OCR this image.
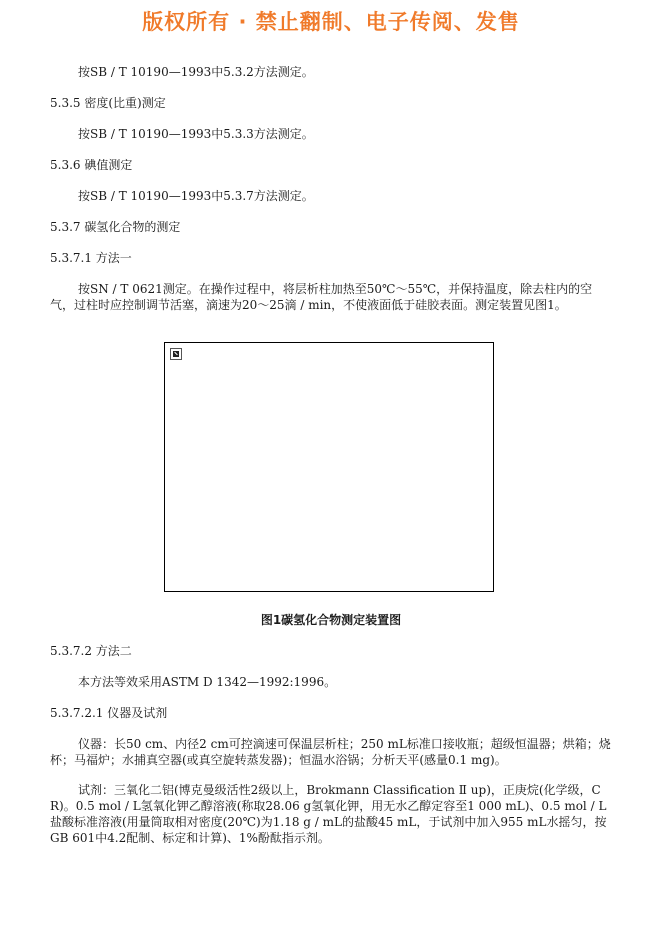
版权所有 · 禁止翻制、电子传阅、发售
按SB / T 10190—1993中5.3.2方法测定。
5.3.5 密度(比重)测定
按SB / T 10190—1993中5.3.3方法测定。
5.3.6 碘值测定
按SB / T 10190—1993中5.3.7方法测定。
5.3.7 碳氢化合物的测定
5.3.7.1 方法一
按SN / T 0621测定。在操作过程中，将层析柱加热至50℃～55℃，并保持温度，除去柱内的空气，过柱时应控制调节活塞，滴速为20～25滴 / min，不使液面低于硅胶表面。测定装置见图1。
图1碳氢化合物测定装置图
5.3.7.2 方法二
本方法等效采用ASTM D 1342—1992:1996。
5.3.7.2.1 仪器及试剂
仪器：长50 cm、内径2 cm可控滴速可保温层析柱；250 mL标准口接收瓶；超级恒温器；烘箱；烧杯；马福炉；水捕真空器(或真空旋转蒸发器)；恒温水浴锅；分析天平(感量0.1 mg)。
试剂：三氧化二铝(博克曼级活性2级以上，Brokmann Classification Ⅱ up)，正庚烷(化学级，CR)。0.5 mol / L氢氧化钾乙醇溶液(称取28.06 g氢氧化钾，用无水乙醇定容至1 000 mL)、0.5 mol / L盐酸标准溶液(用量筒取相对密度(20℃)为1.18 g / mL的盐酸45 mL，于试剂中加入955 mL水摇匀，按GB 601中4.2配制、标定和计算)、1%酚酞指示剂。
